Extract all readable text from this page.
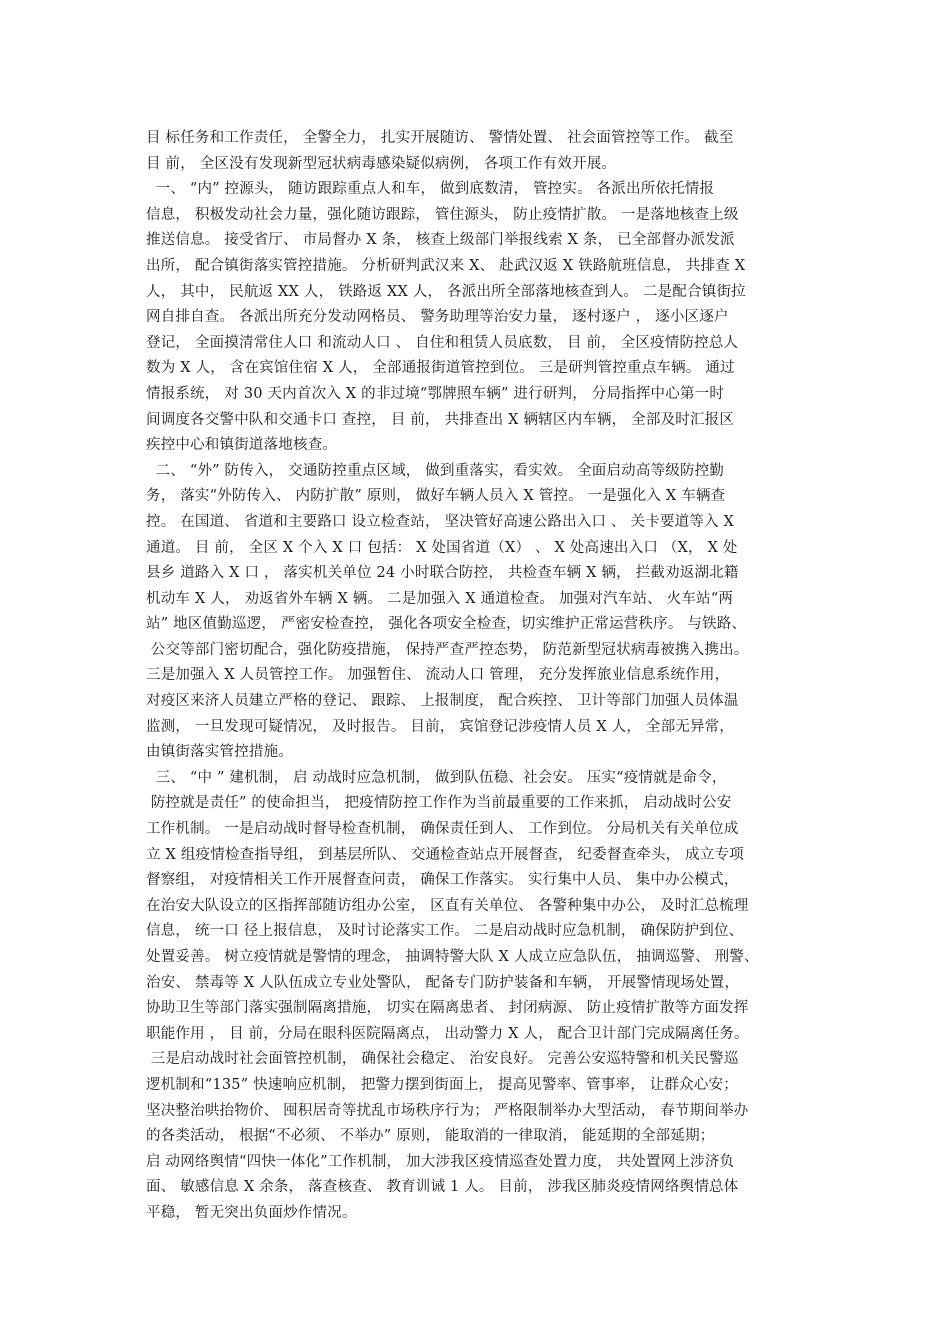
目 标任务和工作责任， 全警全力， 扎实开展随访、 警情处置、 社会面管控等工作。 截至
目 前， 全区没有发现新型冠状病毒感染疑似病例， 各项工作有效开展。
一、 “内” 控源头， 随访跟踪重点人和车， 做到底数清， 管控实。 各派出所依托情报
信息， 积极发动社会力量，强化随访跟踪， 管住源头， 防止疫情扩散。 一是落地核查上级
推送信息。 接受省厅、 市局督办 X 条， 核查上级部门举报线索 X 条， 已全部督办派发派
出所， 配合镇街落实管控措施。 分析研判武汉来 X、 赴武汉返 X 铁路航班信息， 共排查 X
人， 其中， 民航返 XX 人， 铁路返 XX 人， 各派出所全部落地核查到人。 二是配合镇街拉
网自排自查。 各派出所充分发动网格员、 警务助理等治安力量， 逐村逐户 ， 逐小区逐户
登记， 全面摸清常住人口 和流动人口 、 自住和租赁人员底数， 目 前， 全区疫情防控总人
数为 X 人， 含在宾馆住宿 X 人， 全部通报街道管控到位。 三是研判管控重点车辆。 通过
情报系统， 对 30 天内首次入 X 的非过境“鄂牌照车辆” 进行研判， 分局指挥中心第一时
间调度各交警中队和交通卡口 查控， 目 前， 共排查出 X 辆辖区内车辆， 全部及时汇报区
疾控中心和镇街道落地核查。
二、 “外” 防传入， 交通防控重点区域， 做到重落实，看实效。 全面启动高等级防控勤
务， 落实“外防传入、 内防扩散” 原则， 做好车辆人员入 X 管控。 一是强化入 X 车辆查
控。 在国道、 省道和主要路口 设立检查站， 坚决管好高速公路出入口 、 关卡要道等入 X
通道。 目 前， 全区 X 个入 X 口 包括： X 处国省道（X） 、 X 处高速出入口 （X， X 处
县乡 道路入 X 口 ， 落实机关单位 24 小时联合防控， 共检查车辆 X 辆， 拦截劝返湖北籍
机动车 X 人， 劝返省外车辆 X 辆。 二是加强入 X 通道检查。 加强对汽车站、 火车站“两
站” 地区值勤巡逻， 严密安检查控， 强化各项安全检查，切实维护正常运营秩序。 与铁路、
公交等部门密切配合，强化防疫措施， 保持严查严控态势， 防范新型冠状病毒被携入携出。
三是加强入 X 人员管控工作。 加强暂住、 流动人口 管理， 充分发挥旅业信息系统作用，
对疫区来济人员建立严格的登记、 跟踪、 上报制度， 配合疾控、 卫计等部门加强人员体温
监测， 一旦发现可疑情况， 及时报告。 目前， 宾馆登记涉疫情人员 X 人， 全部无异常，
由镇街落实管控措施。
三、 “中 ” 建机制， 启 动战时应急机制， 做到队伍稳、社会安。 压实“疫情就是命令，
防控就是责任” 的使命担当， 把疫情防控工作作为当前最重要的工作来抓， 启动战时公安
工作机制。 一是启动战时督导检查机制， 确保责任到人、 工作到位。 分局机关有关单位成
立 X 组疫情检查指导组， 到基层所队、 交通检查站点开展督查， 纪委督查牵头， 成立专项
督察组， 对疫情相关工作开展督查问责， 确保工作落实。 实行集中人员、 集中办公模式，
在治安大队设立的区指挥部随访组办公室， 区直有关单位、 各警种集中办公， 及时汇总梳理
信息， 统一口 径上报信息， 及时讨论落实工作。 二是启动战时应急机制， 确保防护到位、
处置妥善。 树立疫情就是警情的理念， 抽调特警大队 X 人成立应急队伍， 抽调巡警、 刑警、
治安、 禁毒等 X 人队伍成立专业处警队， 配备专门防护装备和车辆， 开展警情现场处置，
协助卫生等部门落实强制隔离措施， 切实在隔离患者、 封闭病源、 防止疫情扩散等方面发挥
职能作用 ， 目 前，分局在眼科医院隔离点， 出动警力 X 人， 配合卫计部门完成隔离任务。
三是启动战时社会面管控机制， 确保社会稳定、 治安良好。 完善公安巡特警和机关民警巡
逻机制和“135” 快速响应机制， 把警力摆到街面上， 提高见警率、管事率， 让群众心安；
坚决整治哄抬物价、 囤积居奇等扰乱市场秩序行为； 严格限制举办大型活动， 春节期间举办
的各类活动， 根据“不必须、 不举办” 原则， 能取消的一律取消， 能延期的全部延期；
启 动网络舆情“四快一体化”工作机制， 加大涉我区疫情巡查处置力度， 共处置网上涉济负
面、 敏感信息 X 余条， 落查核查、 教育训诫 1 人。 目前， 涉我区肺炎疫情网络舆情总体
平稳， 暂无突出负面炒作情况。
